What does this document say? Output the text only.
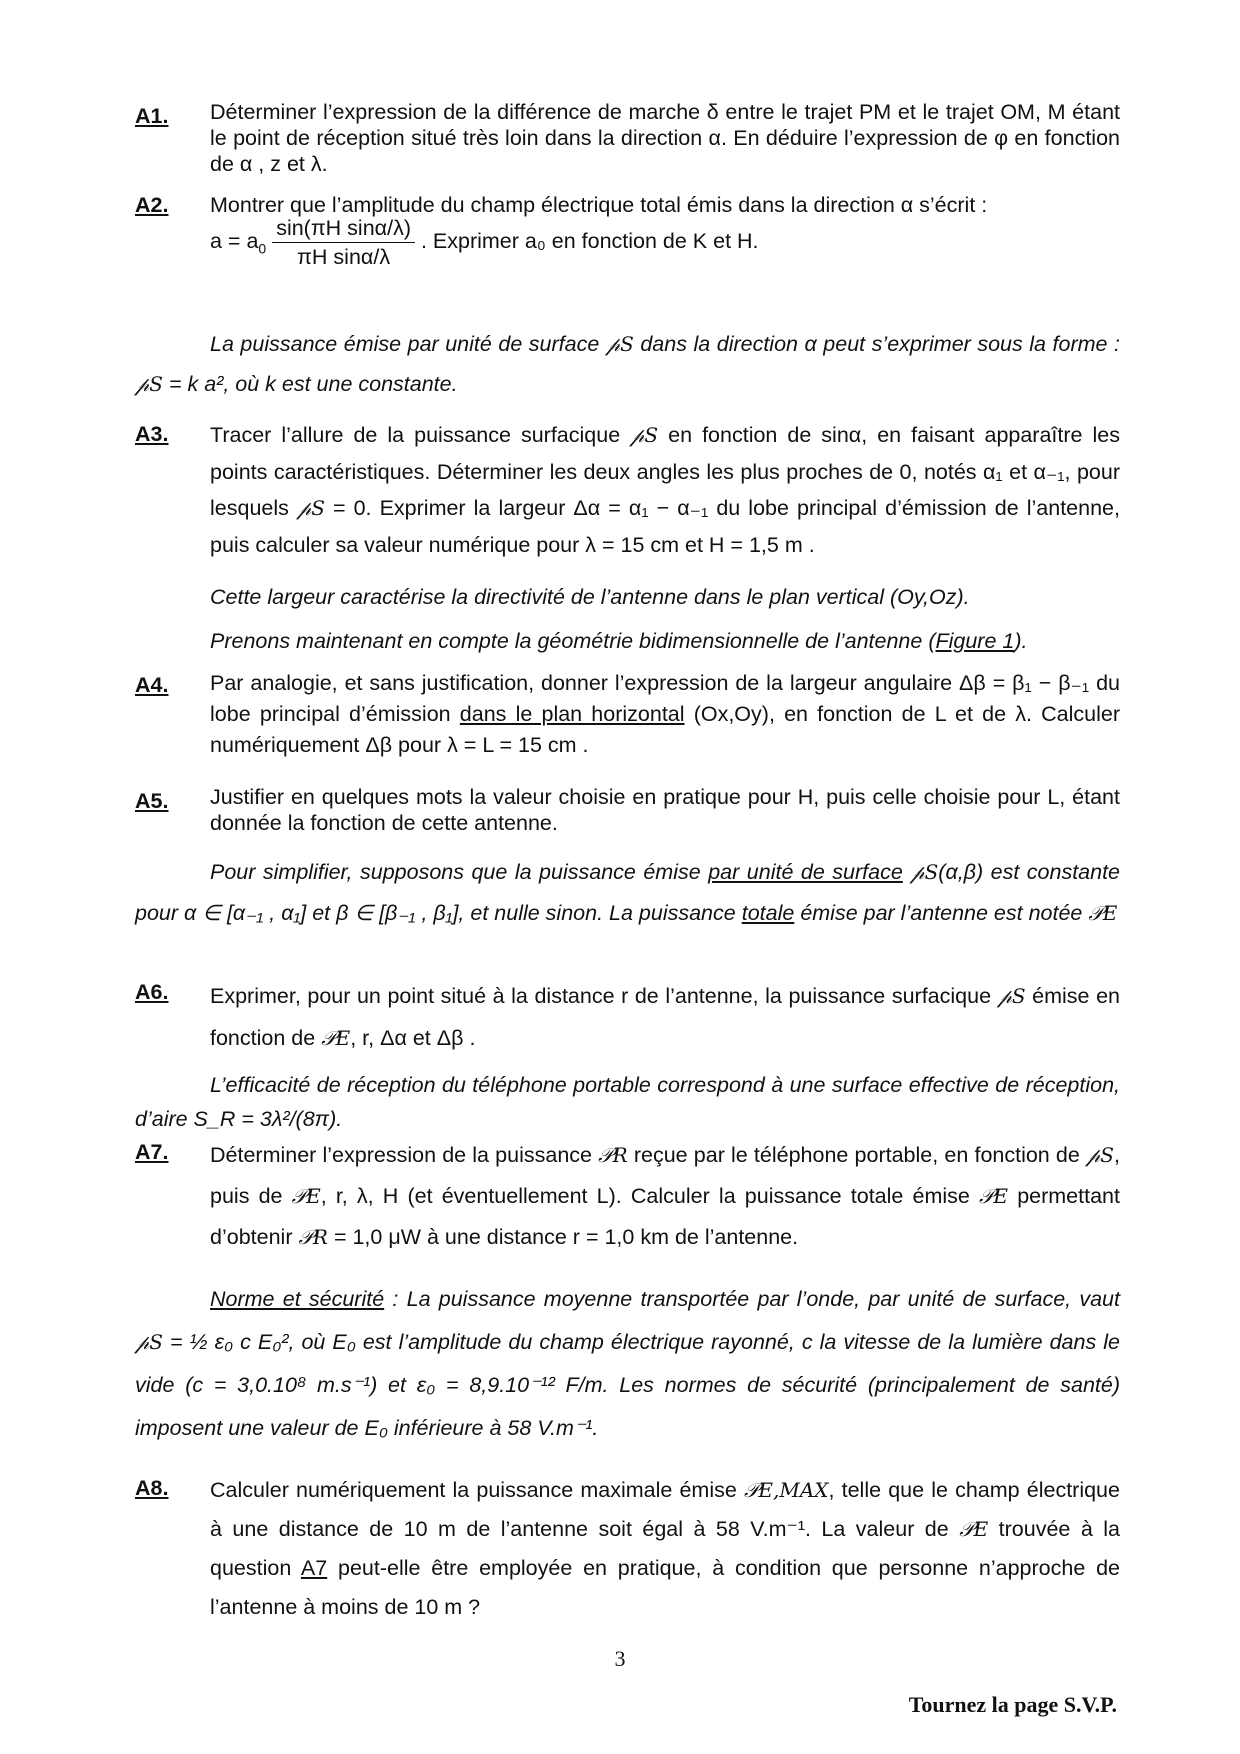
A1. Déterminer l’expression de la différence de marche δ entre le trajet PM et le trajet OM, M étant le point de réception situé très loin dans la direction α. En déduire l’expression de φ en fonction de α , z et λ.
A2. Montrer que l’amplitude du champ électrique total émis dans la direction α s’écrit :
$a = a_0 \frac{\text{sin(πH sinα/λ)}}{\text{πH sinα/λ}}$ . Exprimer a₀ en fonction de K et H.
La puissance émise par unité de surface 𝓅S dans la direction α peut s’exprimer sous la forme : 𝓅S = k a², où k est une constante.
A3. Tracer l’allure de la puissance surfacique 𝓅S en fonction de sinα, en faisant apparaître les points caractéristiques. Déterminer les deux angles les plus proches de 0, notés α₁ et α₋₁, pour lesquels 𝓅S = 0. Exprimer la largeur Δα = α₁ − α₋₁ du lobe principal d’émission de l’antenne, puis calculer sa valeur numérique pour λ = 15 cm et H = 1,5 m .
Cette largeur caractérise la directivité de l’antenne dans le plan vertical (Oy,Oz).
Prenons maintenant en compte la géométrie bidimensionnelle de l’antenne (Figure 1).
A4. Par analogie, et sans justification, donner l’expression de la largeur angulaire Δβ = β₁ − β₋₁ du lobe principal d’émission dans le plan horizontal (Ox,Oy), en fonction de L et de λ. Calculer numériquement Δβ pour λ = L = 15 cm .
A5. Justifier en quelques mots la valeur choisie en pratique pour H, puis celle choisie pour L, étant donnée la fonction de cette antenne.
Pour simplifier, supposons que la puissance émise par unité de surface 𝓅S(α,β) est constante pour α ∈ [α₋₁ , α₁] et β ∈ [β₋₁ , β₁], et nulle sinon. La puissance totale émise par l’antenne est notée 𝒫E
A6. Exprimer, pour un point situé à la distance r de l’antenne, la puissance surfacique 𝓅S émise en fonction de 𝒫E, r, Δα et Δβ .
L’efficacité de réception du téléphone portable correspond à une surface effective de réception, d’aire S_R = 3λ²/(8π).
A7. Déterminer l’expression de la puissance 𝒫R reçue par le téléphone portable, en fonction de 𝓅S, puis de 𝒫E, r, λ, H (et éventuellement L). Calculer la puissance totale émise 𝒫E permettant d’obtenir 𝒫R = 1,0 μW à une distance r = 1,0 km de l’antenne.
Norme et sécurité : La puissance moyenne transportée par l’onde, par unité de surface, vaut 𝓅S = ½ ε₀ c E₀², où E₀ est l’amplitude du champ électrique rayonné, c la vitesse de la lumière dans le vide (c = 3,0.10⁸ m.s⁻¹) et ε₀ = 8,9.10⁻¹² F/m. Les normes de sécurité (principalement de santé) imposent une valeur de E₀ inférieure à 58 V.m⁻¹.
A8. Calculer numériquement la puissance maximale émise 𝒫E,MAX, telle que le champ électrique à une distance de 10 m de l’antenne soit égal à 58 V.m⁻¹. La valeur de 𝒫E trouvée à la question A7 peut-elle être employée en pratique, à condition que personne n’approche de l’antenne à moins de 10 m ?
3
Tournez la page S.V.P.
